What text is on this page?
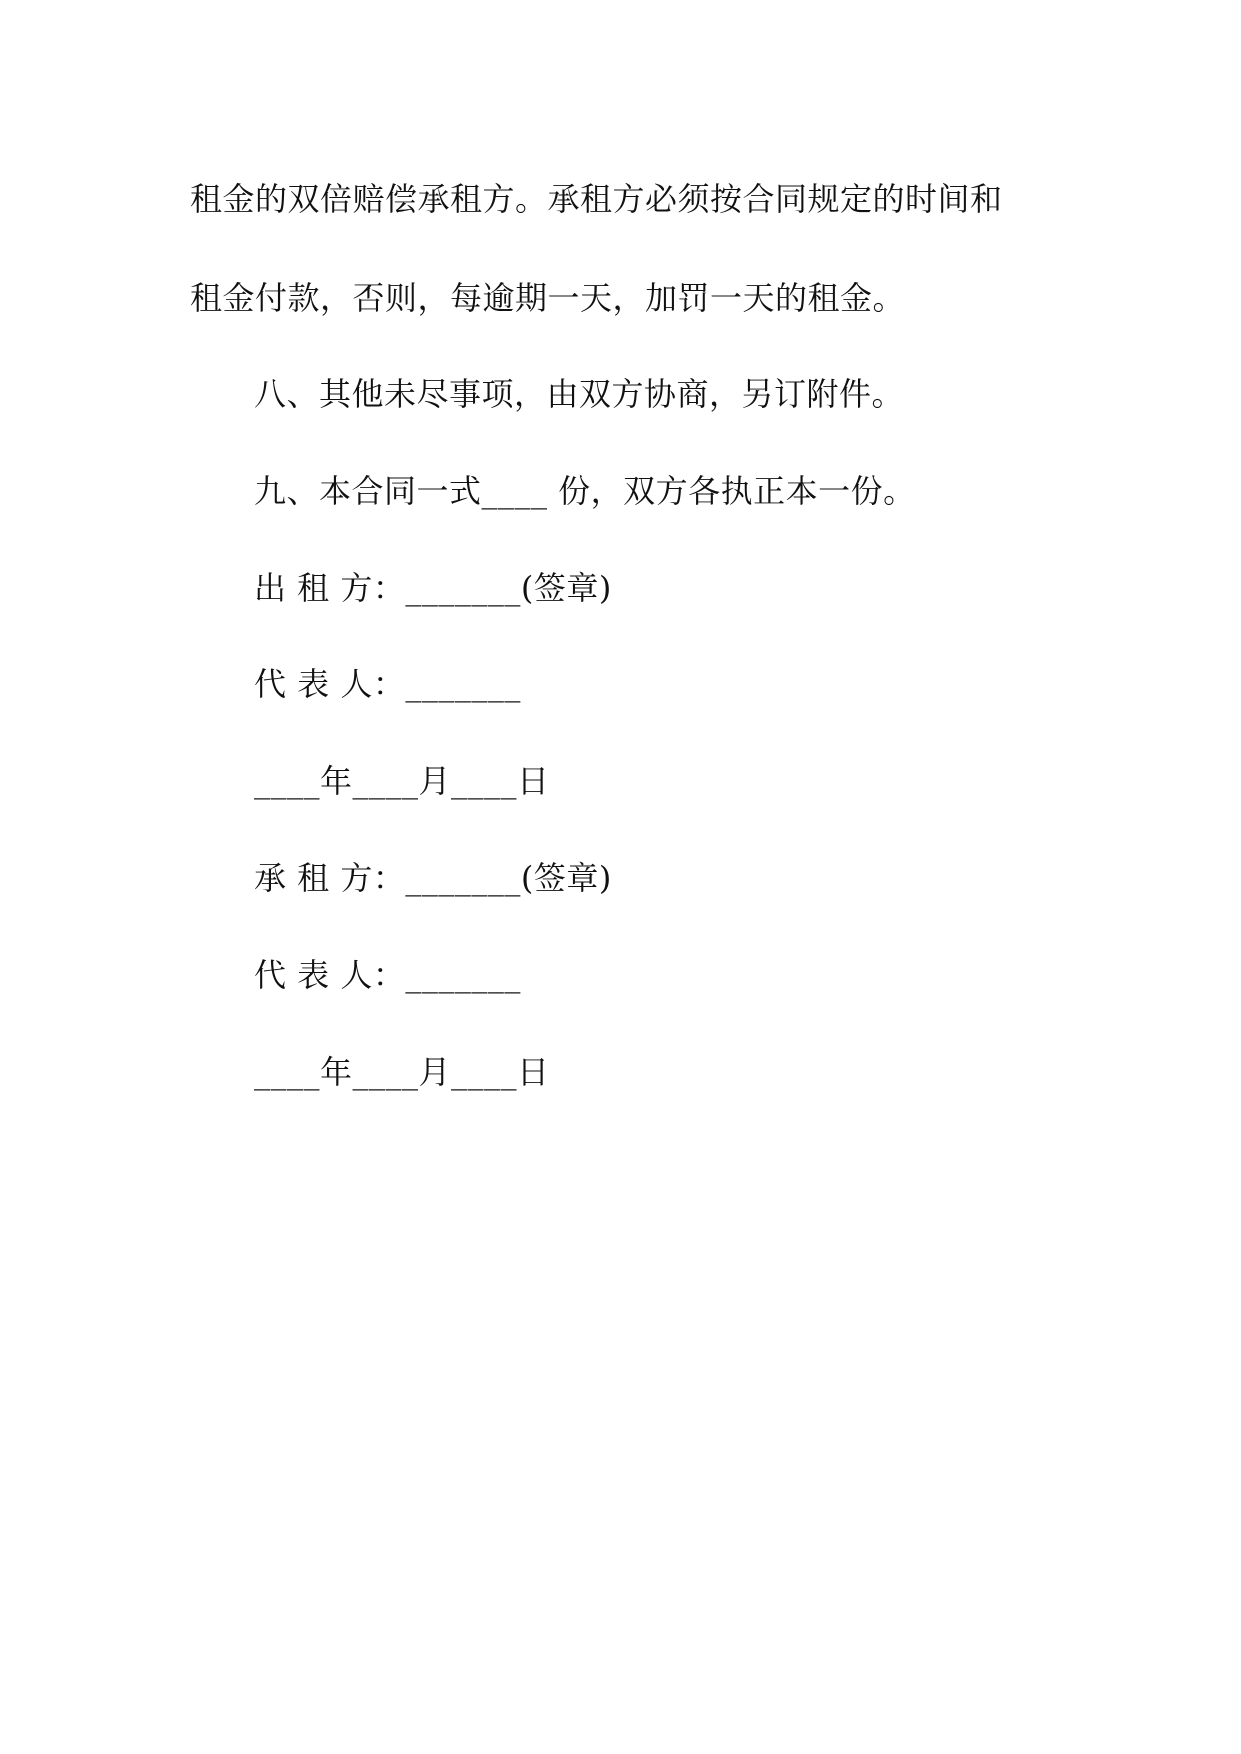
租金的双倍赔偿承租方。承租方必须按合同规定的时间和

租金付款，否则，每逾期一天，加罚一天的租金。

八、其他未尽事项，由双方协商，另订附件。

九、本合同一式____ 份，双方各执正本一份。

出 租 方：_______(签章)

代 表 人：_______

____年____月____日

承 租 方：_______(签章)

代 表 人：_______

____年____月____日
